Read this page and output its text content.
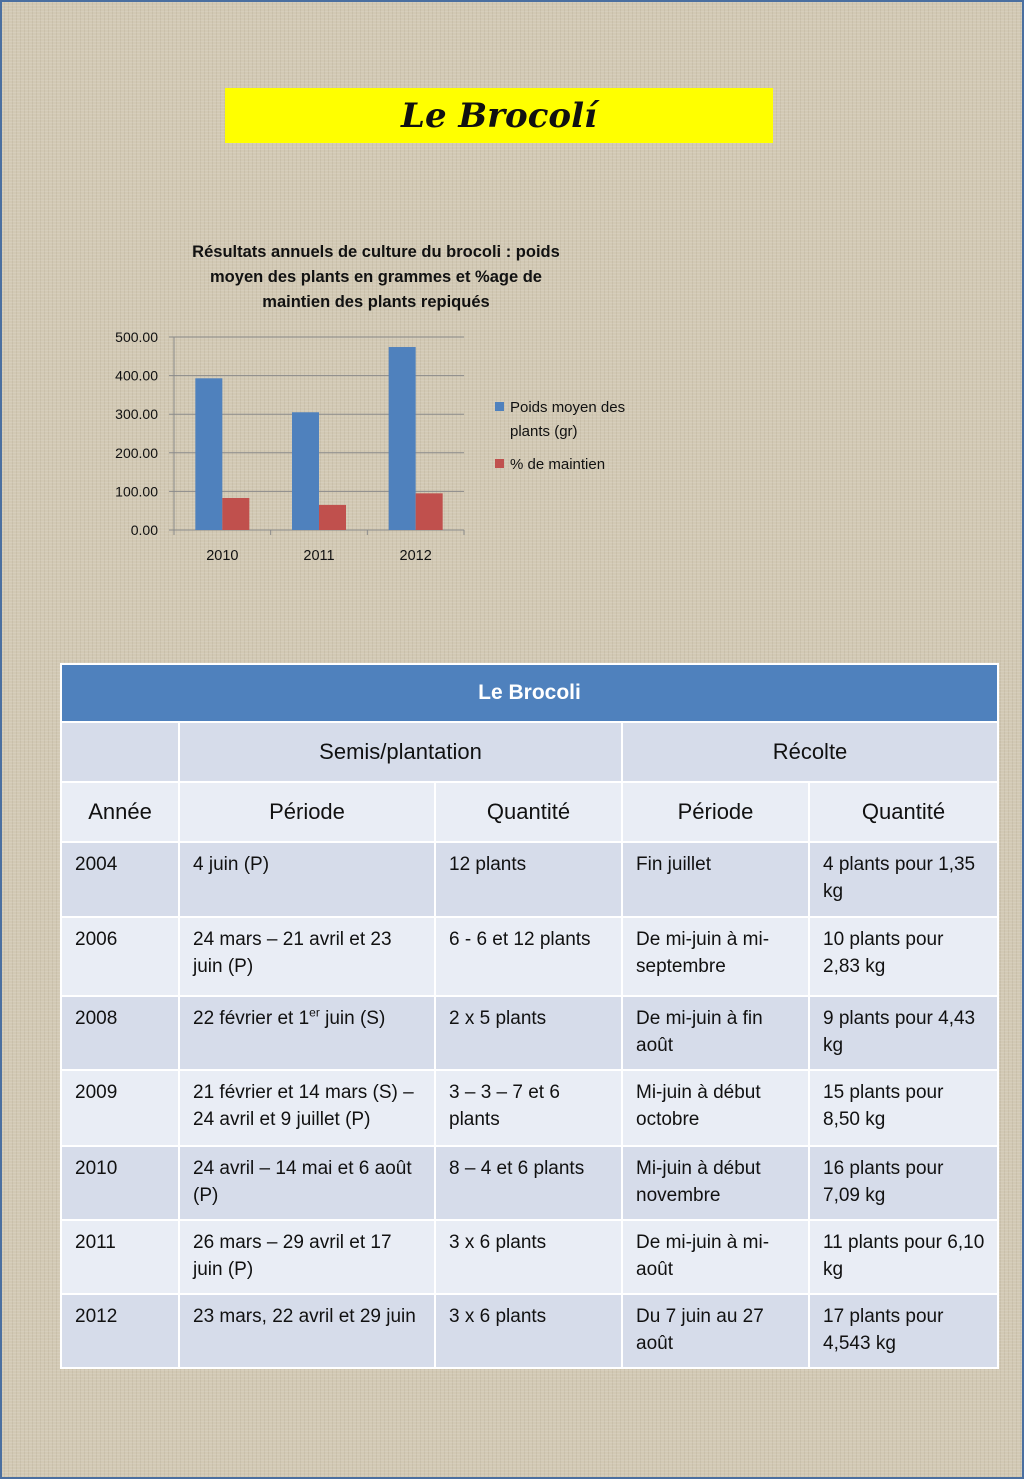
Le Brocolí
Résultats annuels de culture du brocoli : poids
moyen des plants en grammes et %age de
maintien des plants repiqués
500.00
400.00
300.00
200.00
100.00
0.00
2010	2011	2012
Poids moyen des
plants (gr)
% de maintien
Le Brocoli				
	Semis/plantation		Récolte	
Année	Période	Quantité	Période	Quantité
2004	4 juin (P)	12 plants	Fin juillet	4 plants pour 1,35 kg
2006	24 mars – 21 avril et 23 juin (P)	6 - 6 et 12 plants	De mi-juin à mi-septembre	10 plants pour 2,83 kg
2008	22 février et 1er juin (S)	2 x 5 plants	De mi-juin à fin août	9 plants pour 4,43 kg
2009	21 février et 14 mars (S) – 24 avril et 9 juillet (P)	3 – 3 – 7 et 6 plants	Mi-juin à début octobre	15 plants pour 8,50 kg
2010	24 avril – 14 mai et 6 août (P)	8 – 4 et 6 plants	Mi-juin à début novembre	16 plants pour 7,09 kg
2011	26 mars – 29 avril et 17 juin (P)	3 x 6 plants	De mi-juin à mi-août	11 plants pour 6,10 kg
2012	23 mars, 22 avril et 29 juin	3 x 6 plants	Du 7 juin au 27 août	17 plants pour 4,543 kg
